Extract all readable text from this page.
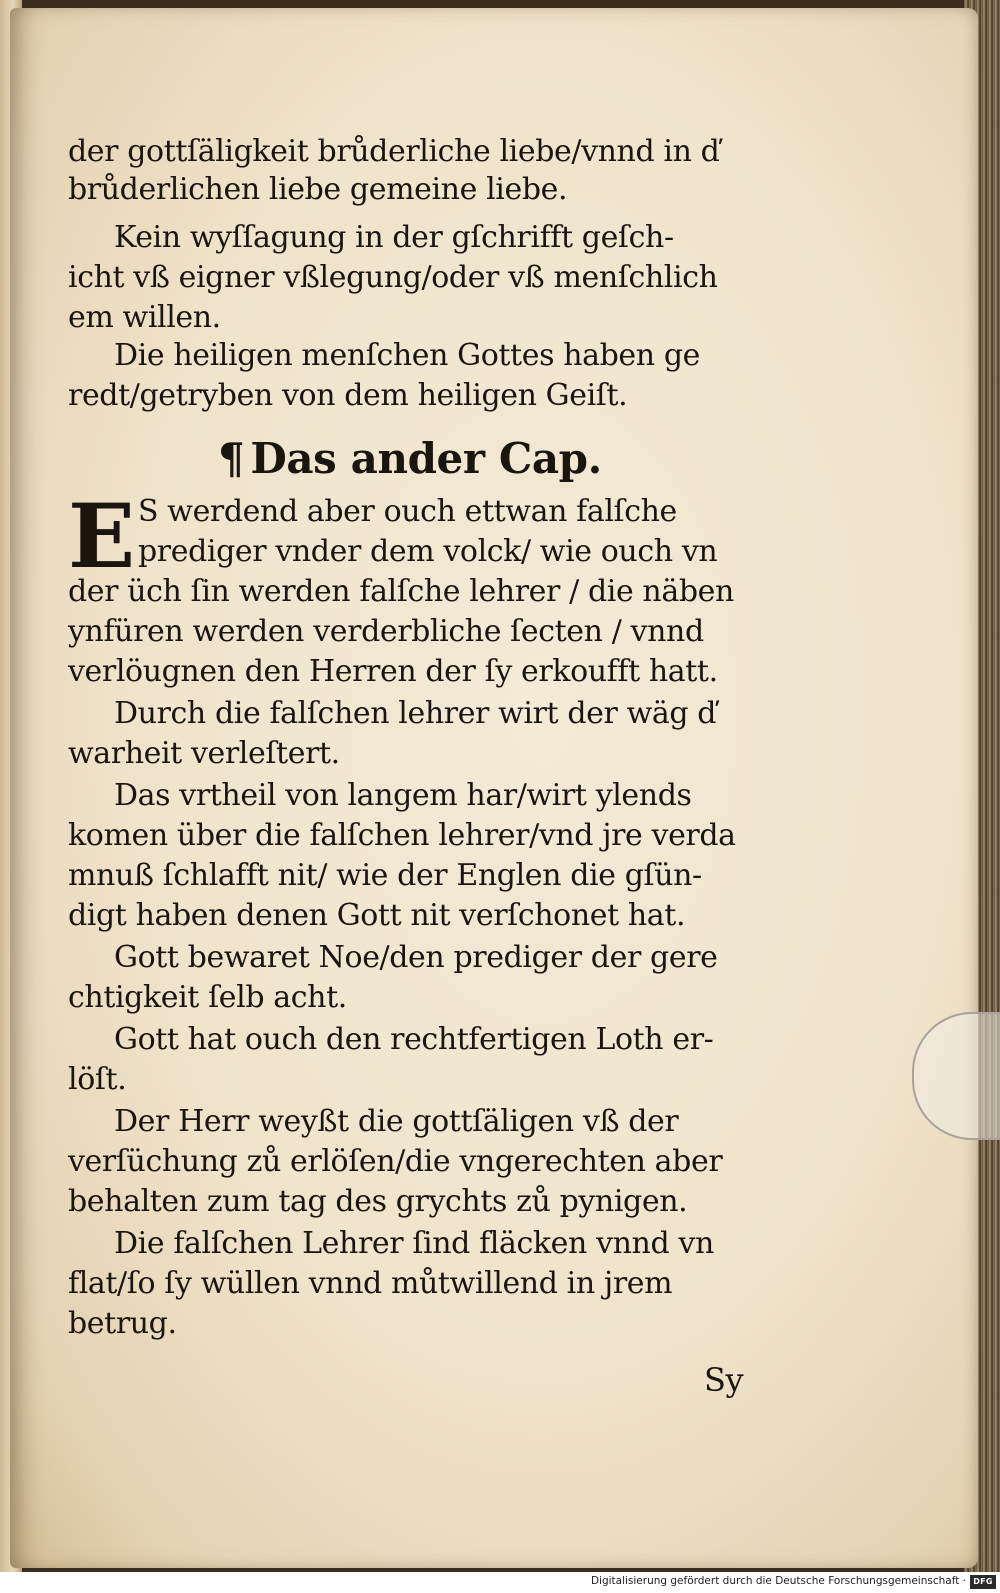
der gottſäligkeit brůderliche liebe/vnnd in ď
brůderlichen liebe gemeine liebe.
Kein wyſſagung in der gſchrifft geſch-
icht vß eigner vßlegung/oder vß menſchlich
em willen.
Die heiligen menſchen Gottes haben ge
redt/getryben von dem heiligen Geiſt.
¶ Das ander Cap.
E S werdend aber ouch ettwan falſche
prediger vnder dem volck/ wie ouch vn
der üch ſin werden falſche lehrer / die näben
ynfüren werden verderbliche ſecten / vnnd
verlöugnen den Herren der ſy erkoufft hatt.
Durch die falſchen lehrer wirt der wäg ď
warheit verleſtert.
Das vrtheil von langem har/wirt ylends
komen über die falſchen lehrer/vnd jre verda
mnuß ſchlafft nit/ wie der Englen die gſün-
digt haben denen Gott nit verſchonet hat.
Gott bewaret Noe/den prediger der gere
chtigkeit ſelb acht.
Gott hat ouch den rechtfertigen Loth er-
löſt.
Der Herr weyßt die gottſäligen vß der
verſüchung zů erlöſen/die vngerechten aber
behalten zum tag des grychts zů pynigen.
Die falſchen Lehrer ſind fläcken vnnd vn
flat/ſo ſy wüllen vnnd můtwillend in jrem
betrug.
Sy
Digitalisierung gefördert durch die Deutsche Forschungsgemeinschaft · DFG
